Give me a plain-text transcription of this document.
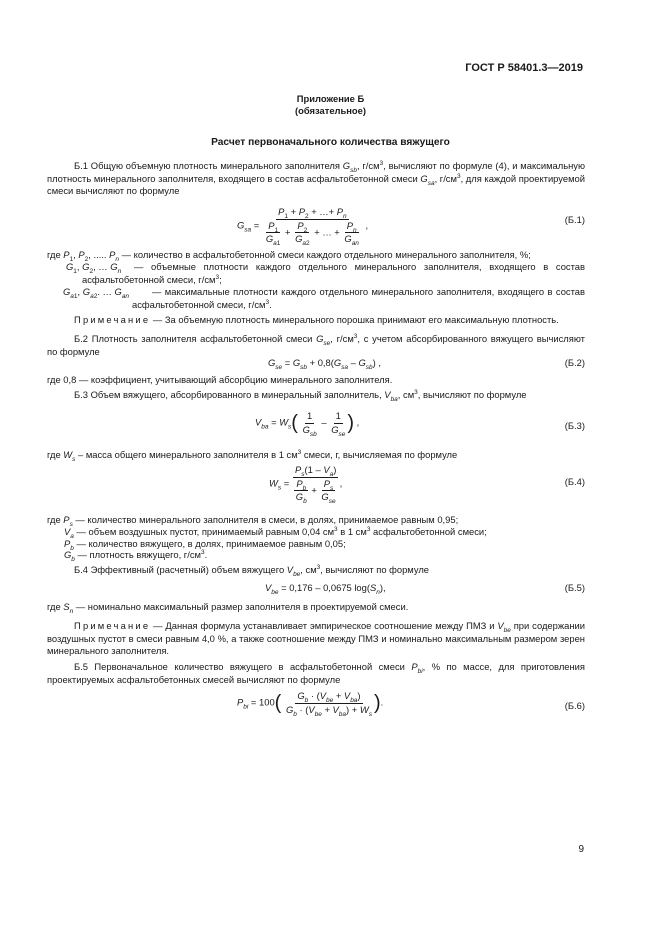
ГОСТ Р 58401.3—2019
Приложение Б
(обязательное)
Расчет первоначального количества вяжущего
Б.1 Общую объемную плотность минерального заполнителя $G_{sb}$, $г/см^3$, вычисляют по формуле (4), и максимальную плотность минерального заполнителя, входящего в состав асфальтобетонной смеси $G_{sa}$, $г/см^3$, для каждой проектируемой смеси вычисляют по формуле
$G_{sa} = \frac{P_1 + P_2 + \dots+ P_n}{\frac{P_1}{G_{a1}} + \frac{P_2}{G_{a2}} + \dots + \frac{P_n}{G_{an}}}$ ,	(Б.1)
где $P_1$, $P_2$, ..... $P_n$ — количество в асфальтобетонной смеси каждого отдельного минерального заполнителя, %;
$G_1$, $G_2$, … $G_n$	— объемные плотности каждого отдельного минерального заполнителя, входящего в состав асфальтобетонной смеси, $г/см^3$;
$G_{a1}$, $G_{a2}$. … $G_{an}$	— максимальные плотности каждого отдельного минерального заполнителя, входящего в состав асфальтобетонной смеси, $г/см^3$.
Примечание — За объемную плотность минерального порошка принимают его максимальную плотность.
Б.2 Плотность заполнителя асфальтобетонной смеси $G_{se}$, $г/см^3$, с учетом абсорбированного вяжущего вычисляют по формуле
$G_{se} = G_{sb} + 0,8(G_{sa} - G_{sb})$ ,	(Б.2)
где 0,8 — коэффициент, учитывающий абсорбцию минерального заполнителя.
Б.3 Объем вяжущего, абсорбированного в минеральный заполнитель, $V_{ba}$, $см^3$, вычисляют по формуле
$V_{ba} = W_s( \frac{1}{G_{sb}} - \frac{1}{G_{se}}$ ) ,	(Б.3)
где $W_s$ – масса общего минерального заполнителя в 1 $см^3$ смеси, г, вычисляемая по формуле
$W_s = \frac{P_s(1 - V_a)}{\frac{P_b}{G_b} + \frac{P_s}{G_{se}}}$ ,	(Б.4)
где $P_s$ — количество минерального заполнителя в смеси, в долях, принимаемое равным 0,95;
$V_a$ — объем воздушных пустот, принимаемый равным 0,04 $см^3$ в 1 $см^3$ асфальтобетонной смеси;
$P_b$ — количество вяжущего, в долях, принимаемое равным 0,05;
$G_b$ — плотность вяжущего, $г/см^3$.
Б.4 Эффективный (расчетный) объем вяжущего $V_{be}$, $см^3$, вычисляют по формуле
$V_{be} = 0,176 - 0,0675$ $\log(S_n)$,	(Б.5)
где $S_n$ — номинально максимальный размер заполнителя в проектируемой смеси.
Примечание — Данная формула устанавливает эмпирическое соотношение между ПМЗ и $V_{be}$ при содержании воздушных пустот в смеси равным 4,0 %, а также соотношение между ПМЗ и номинально максимальным размером зерен минерального заполнителя.
Б.5 Первоначальное количество вяжущего в асфальтобетонной смеси $P_{bi}$, % по массе, для приготовления проектируемых асфальтобетонных смесей вычисляют по формуле
$P_{bi} = 100( \frac{G_b \cdot (V_{be} + V_{ba})}{G_b \cdot (V_{be} + V_{ba}) + W_s}$ ).	(Б.6)
9
